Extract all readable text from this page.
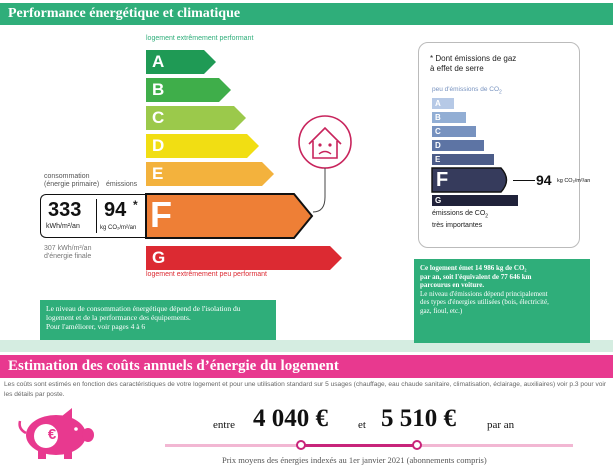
Performance énergétique et climatique
logement extrêmement performant
A
B
C
D
E
F
G
logement extrêmement peu performant
consommation
(énergie primaire) émissions
333
kWh/m²/an
94 *
kg CO₂/m²/an
307 kWh/m²/an
d'énergie finale
Le niveau de consommation énergétique dépend de l'isolation du
logement et de la performance des équipements.
Pour l'améliorer, voir pages 4 à 6
* Dont émissions de gaz
à effet de serre
peu d'émissions de $CO_2$
A
B
C
D
E
F
G
94 kg CO₂/m²/an
émissions de $CO_2$
très importantes
Ce logement émet 14 986 kg de CO₂
par an, soit l'équivalent de 77 646 km
parcourus en voiture.
Le niveau d'émissions dépend principalement
des types d'énergies utilisées (bois, électricité,
gaz, fioul, etc.)
Estimation des coûts annuels d’énergie du logement
Les coûts sont estimés en fonction des caractéristiques de votre logement et pour une utilisation standard sur 5 usages (chauffage, eau chaude sanitaire, climatisation, éclairage, auxiliaires) voir p.3 pour voir les détails par poste.
€
entre 4 040 €	et 5 510 €	par an
Prix moyens des énergies indexés au 1er janvier 2021 (abonnements compris)
